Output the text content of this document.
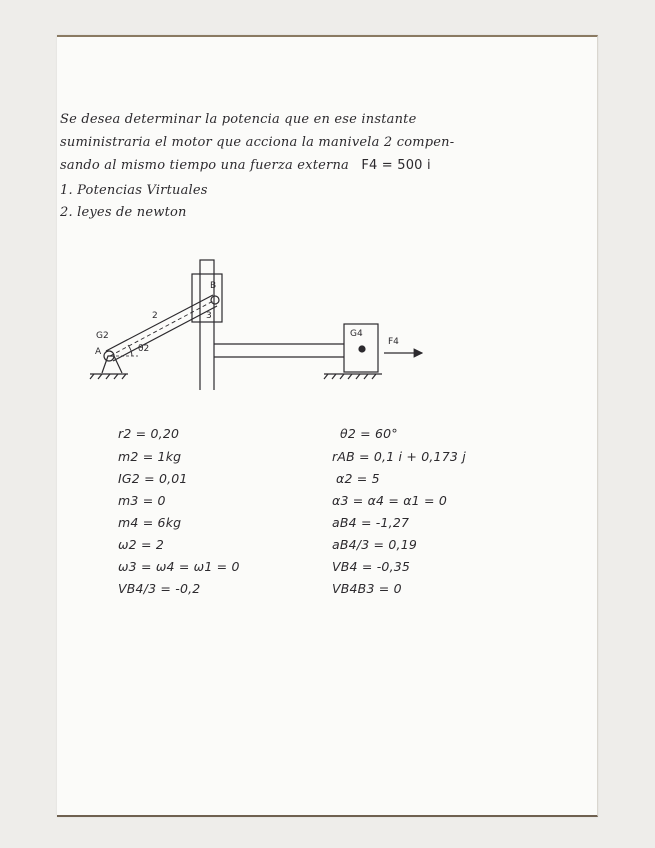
Se desea determinar la potencia que en ese instante

suministraria el motor que acciona la manivela 2 compen-

sando al mismo tiempo una fuerza externa F4 = 500 i

1. Potencias Virtuales

2. leyes de newton

A
B
G2
θ2
2	3
G4
F4

r2 = 0,20

m2 = 1kg

IG2 = 0,01

m3 = 0

m4 = 6kg

ω2 = 2

ω3 = ω4 = ω1 = 0

VB4/3 = -0,2

θ2 = 60°

rAB = 0,1 i + 0,173 j

α2 = 5

α3 = α4 = α1 = 0

aB4 = -1,27

aB4/3 = 0,19

VB4 = -0,35

VB4B3 = 0
